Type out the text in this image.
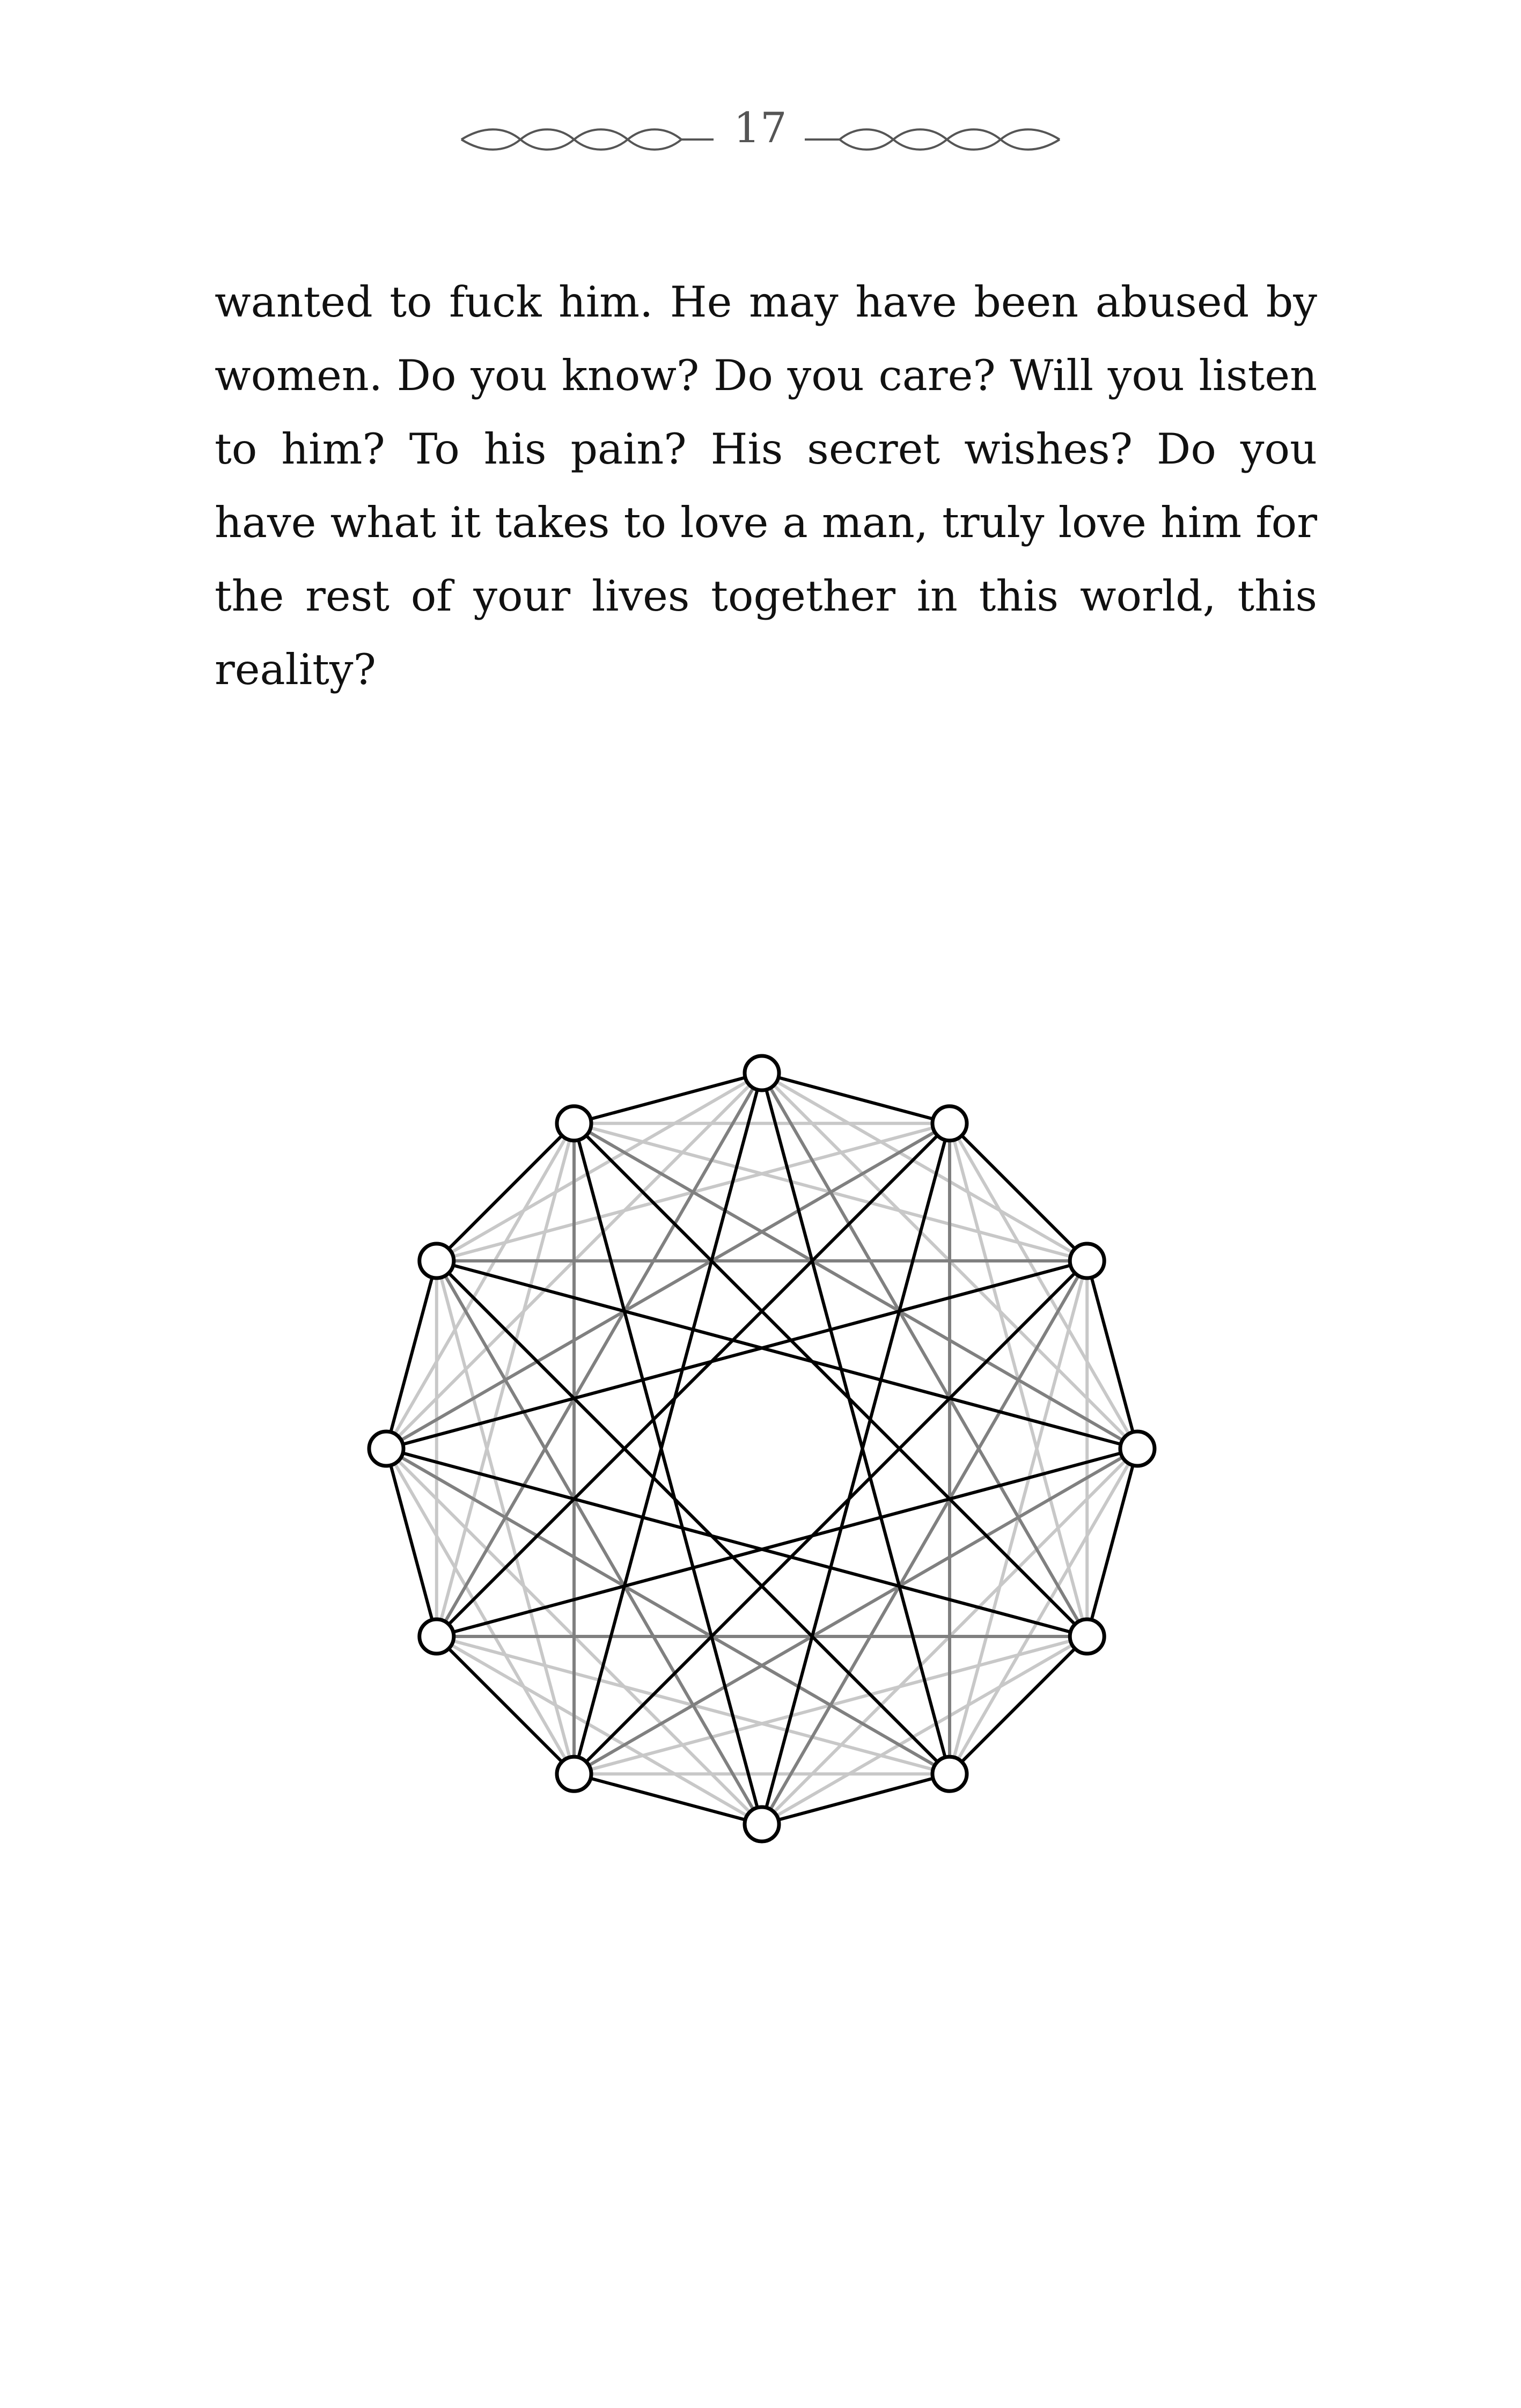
17

wanted to fuck him. He may have been abused by women. Do you know? Do you care? Will you listen to him? To his pain? His secret wishes? Do you have what it takes to love a man, truly love him for the rest of your lives together in this world, this reality?
